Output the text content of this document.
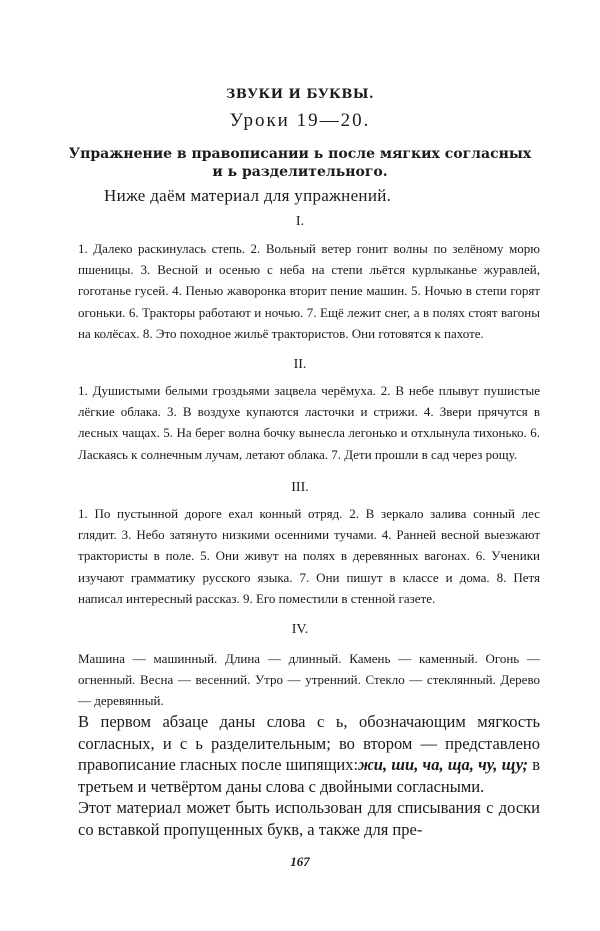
ЗВУКИ И БУКВЫ.
Уроки 19—20.
Упражнение в правописании ь после мягких согласных
и ь разделительного.
Ниже даём материал для упражнений.
I.
1. Далеко раскинулась степь. 2. Вольный ветер гонит волны по зелёному морю пшеницы. 3. Весной и осенью с неба на степи льётся курлыканье журавлей, гоготанье гусей. 4. Пенью жаворонка вторит пение машин. 5. Ночью в степи горят огоньки. 6. Тракторы работают и ночью. 7. Ещё лежит снег, а в полях стоят вагоны на колёсах. 8. Это походное жильё трактористов. Они готовятся к пахоте.
II.
1. Душистыми белыми гроздьями зацвела черёмуха. 2. В небе плывут пушистые лёгкие облака. 3. В воздухе купаются ласточки и стрижи. 4. Звери прячутся в лесных чащах. 5. На берег волна бочку вынесла легонько и отхлынула тихонько. 6. Ласкаясь к солнечным лучам, летают облака. 7. Дети прошли в сад через рощу.
III.
1. По пустынной дороге ехал конный отряд. 2. В зеркало залива сонный лес глядит. 3. Небо затянуто низкими осенними тучами. 4. Ранней весной выезжают трактористы в поле. 5. Они живут на полях в деревянных вагонах. 6. Ученики изучают грамматику русского языка. 7. Они пишут в классе и дома. 8. Петя написал интересный рассказ. 9. Его поместили в стенной газете.
IV.
Машина — машинный. Длина — длинный. Камень — каменный. Огонь — огненный. Весна — весенний. Утро — утренний. Стекло — стеклянный. Дерево — деревянный.
В первом абзаце даны слова с ь, обозначающим мягкость согласных, и с ь разделительным; во втором — представлено правописание гласных после шипящих:жи, ши, ча, ща, чу, щу; в третьем и четвёртом даны слова с двойными согласными.
Этот материал может быть использован для списывания с доски со вставкой пропущенных букв, а также для пре-
167
